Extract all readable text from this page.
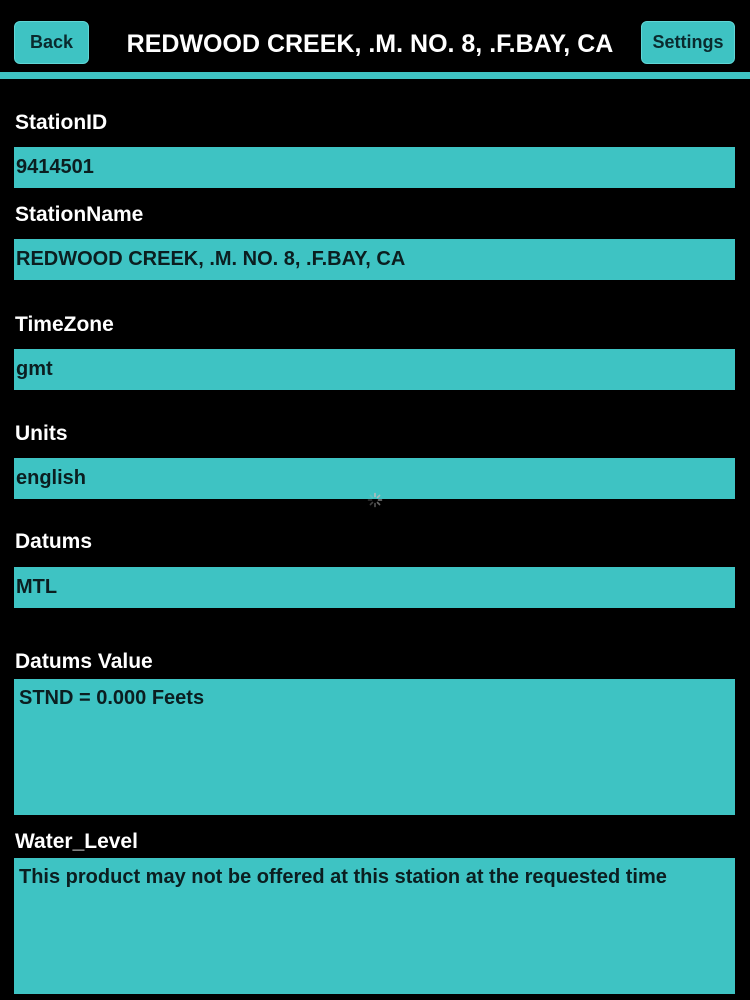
Back	REDWOOD CREEK, .M. NO. 8, .F.BAY, CA	Settings
StationID
9414501
StationName
REDWOOD CREEK, .M. NO. 8, .F.BAY, CA
TimeZone
gmt
Units
english
Datums
MTL
Datums Value
STND = 0.000 Feets
Water_Level
This product may not be offered at this station at the requested time
